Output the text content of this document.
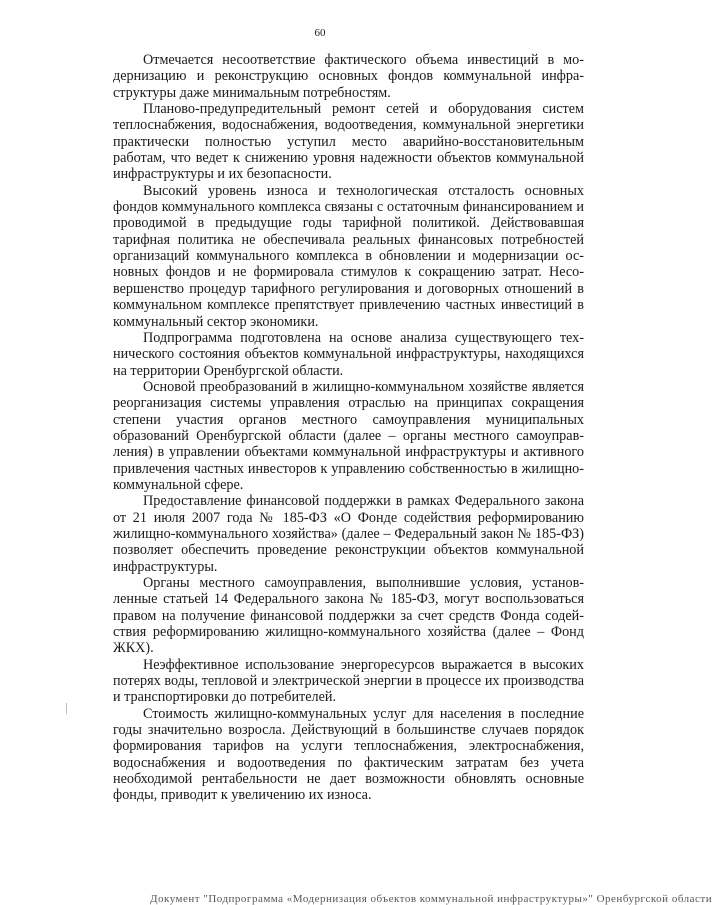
60

Отмечается несоответствие фактического объема инвестиций в модернизацию и реконструкцию основных фондов коммунальной инфраструктуры даже минимальным потребностям.

Планово-предупредительный ремонт сетей и оборудования систем теплоснабжения, водоснабжения, водоотведения, коммунальной энергетики практически полностью уступил место аварийно-восстановительным работам, что ведет к снижению уровня надежности объектов коммунальной инфраструктуры и их безопасности.

Высокий уровень износа и технологическая отсталость основных фондов коммунального комплекса связаны с остаточным финансированием и проводимой в предыдущие годы тарифной политикой. Действовавшая тарифная политика не обеспечивала реальных финансовых потребностей организаций коммунального комплекса в обновлении и модернизации основных фондов и не формировала стимулов к сокращению затрат. Несовершенство процедур тарифного регулирования и договорных отношений в коммунальном комплексе препятствует привлечению частных инвестиций в коммунальный сектор экономики.

Подпрограмма подготовлена на основе анализа существующего технического состояния объектов коммунальной инфраструктуры, находящихся на территории Оренбургской области.

Основой преобразований в жилищно-коммунальном хозяйстве является реорганизация системы управления отраслью на принципах сокращения степени участия органов местного самоуправления муниципальных образований Оренбургской области (далее – органы местного самоуправления) в управлении объектами коммунальной инфраструктуры и активного привлечения частных инвесторов к управлению собственностью в жилищно-коммунальной сфере.

Предоставление финансовой поддержки в рамках Федерального закона от 21 июля 2007 года № 185-ФЗ «О Фонде содействия реформированию жилищно-коммунального хозяйства» (далее – Федеральный закон № 185-ФЗ) позволяет обеспечить проведение реконструкции объектов коммунальной инфраструктуры.

Органы местного самоуправления, выполнившие условия, установленные статьей 14 Федерального закона № 185-ФЗ, могут воспользоваться правом на получение финансовой поддержки за счет средств Фонда содействия реформированию жилищно-коммунального хозяйства (далее – Фонд ЖКХ).

Неэффективное использование энергоресурсов выражается в высоких потерях воды, тепловой и электрической энергии в процессе их производства и транспортировки до потребителей.

Стоимость жилищно-коммунальных услуг для населения в последние годы значительно возросла. Действующий в большинстве случаев порядок формирования тарифов на услуги теплоснабжения, электроснабжения, водоснабжения и водоотведения по фактическим затратам без учета необходимой рентабельности не дает возможности обновлять основные фонды, приводит к увеличению их износа.

Документ "Подпрограмма «Модернизация объектов коммунальной инфраструктуры»" Оренбургской области
